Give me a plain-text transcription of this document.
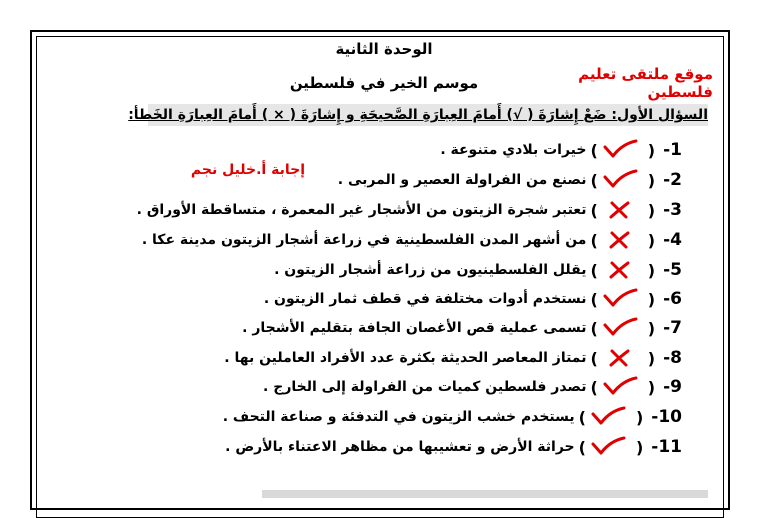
الوحدة الثانية
موسم الخير في فلسطين	موقع ملتقى تعليم فلسطين
السؤال الأول: ضَعْ إِشارَةَ ( √) أَمامَ العِبارَةِ الصَّحيحَةِ و إِشارَةَ ( × ) أَمامَ العِبارَةِ الخَطأ:
إجابة أ.خليل نجم
1-
(
)
خيرات بلادي متنوعة .
2-
(
)
نصنع من الفراولة العصير و المربى .
3-
(
)
تعتبر شجرة الزيتون من الأشجار غير المعمرة ، متساقطة الأوراق .
4-
(
)
من أشهر المدن الفلسطينية في زراعة أشجار الزيتون مدينة عكا .
5-
(
)
يقلل الفلسطينيون من زراعة أشجار الزيتون .
6-
(
)
نستخدم أدوات مختلفة في قطف ثمار الزيتون .
7-
(
)
تسمى عملية قص الأغصان الجافة بتقليم الأشجار .
8-
(
)
تمتاز المعاصر الحديثة بكثرة عدد الأفراد العاملين بها .
9-
(
)
تصدر فلسطين كميات من الفراولة إلى الخارج .
10-
(
)
يستخدم خشب الزيتون في التدفئة و صناعة التحف .
11-
(
)
حراثة الأرض و تعشيبها من مظاهر الاعتناء بالأرض .
